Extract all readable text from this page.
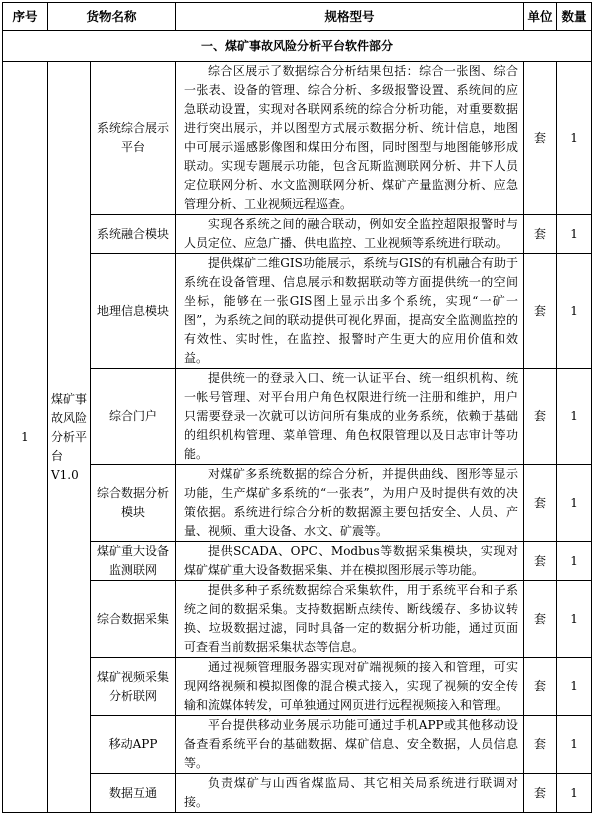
序号	货物名称		规格型号	单位	数量
一、煤矿事故风险分析平台软件部分					
1	煤矿事故风险分析平台V1.0	系统综合展示平台	综合区展示了数据综合分析结果包括：综合一张图、综合一张表、设备的管理、综合分析、多级报警设置、系统间的应急联动设置，实现对各联网系统的综合分析功能，对重要数据进行突出展示，并以图型方式展示数据分析、统计信息，地图中可展示遥感影像图和煤田分布图，同时图型与地图能够形成联动。实现专题展示功能，包含瓦斯监测联网分析、井下人员定位联网分析、水文监测联网分析、煤矿产量监测分析、应急管理分析、工业视频远程巡查。	套	1
		系统融合模块	实现各系统之间的融合联动，例如安全监控超限报警时与人员定位、应急广播、供电监控、工业视频等系统进行联动。	套	1
		地理信息模块	提供煤矿二维GIS功能展示，系统与GIS的有机融合有助于系统在设备管理、信息展示和数据联动等方面提供统一的空间坐标，能够在一张GIS图上显示出多个系统，实现“一矿一图”，为系统之间的联动提供可视化界面，提高安全监测监控的有效性、实时性，在监控、报警时产生更大的应用价值和效益。	套	1
		综合门户	提供统一的登录入口、统一认证平台、统一组织机构、统一帐号管理、对平台用户角色权限进行统一注册和维护，用户只需要登录一次就可以访问所有集成的业务系统，依赖于基础的组织机构管理、菜单管理、角色权限管理以及日志审计等功能。	套	1
		综合数据分析模块	对煤矿多系统数据的综合分析，并提供曲线、图形等显示功能，生产煤矿多系统的“一张表”，为用户及时提供有效的决策依据。系统进行综合分析的数据源主要包括安全、人员、产量、视频、重大设备、水文、矿震等。	套	1
		煤矿重大设备监测联网	提供SCADA、OPC、Modbus等数据采集模块，实现对煤矿煤矿重大设备数据采集、并在模拟图形展示等功能。	套	1
		综合数据采集	提供多种子系统数据综合采集软件，用于系统平台和子系统之间的数据采集。支持数据断点续传、断线缓存、多协议转换、垃圾数据过滤，同时具备一定的数据分析功能，通过页面可查看当前数据采集状态等信息。	套	1
		煤矿视频采集分析联网	通过视频管理服务器实现对矿端视频的接入和管理，可实现网络视频和模拟图像的混合模式接入，实现了视频的安全传输和流媒体转发，可单独通过网页进行远程视频接入和管理。	套	1
		移动APP	平台提供移动业务展示功能可通过手机APP或其他移动设备查看系统平台的基础数据、煤矿信息、安全数据，人员信息等。	套	1
		数据互通	负责煤矿与山西省煤监局、其它相关局系统进行联调对接。	套	1
